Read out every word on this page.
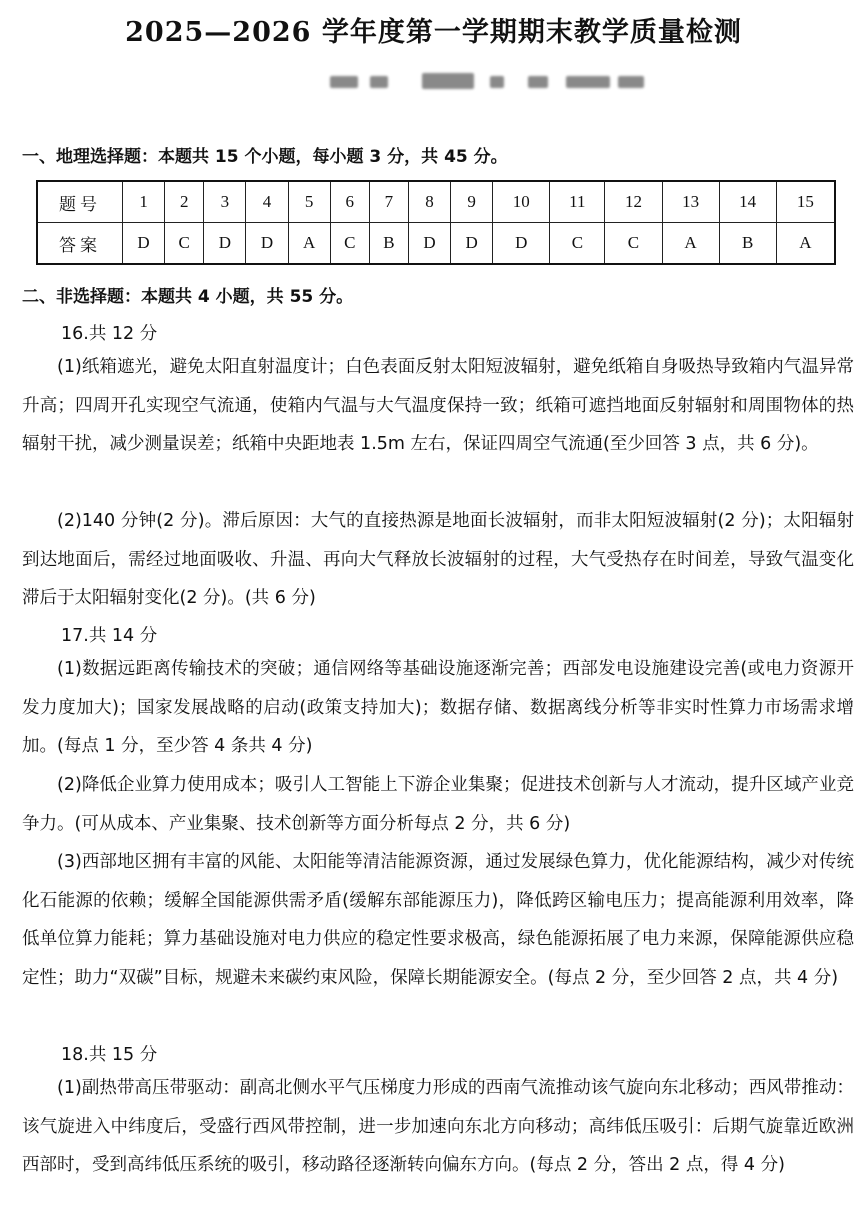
2025—2026 学年度第一学期期末教学质量检测
一、地理选择题：本题共 15 个小题，每小题 3 分，共 45 分。
题号	1	2	3	4	5	6	7	8	9	10	11	12	13	14	15
答案	D	C	D	D	A	C	B	D	D	D	C	C	A	B	A
二、非选择题：本题共 4 小题，共 55 分。
16.共 12 分
(1)纸箱遮光，避免太阳直射温度计；白色表面反射太阳短波辐射，避免纸箱自身吸热导致箱内气温异常升高；四周开孔实现空气流通，使箱内气温与大气温度保持一致；纸箱可遮挡地面反射辐射和周围物体的热辐射干扰，减少测量误差；纸箱中央距地表 1.5m 左右，保证四周空气流通(至少回答 3 点，共 6 分)。
(2)140 分钟(2 分)。滞后原因：大气的直接热源是地面长波辐射，而非太阳短波辐射(2 分)；太阳辐射到达地面后，需经过地面吸收、升温、再向大气释放长波辐射的过程，大气受热存在时间差，导致气温变化滞后于太阳辐射变化(2 分)。(共 6 分)
17.共 14 分
(1)数据远距离传输技术的突破；通信网络等基础设施逐渐完善；西部发电设施建设完善(或电力资源开发力度加大)；国家发展战略的启动(政策支持加大)；数据存储、数据离线分析等非实时性算力市场需求增加。(每点 1 分，至少答 4 条共 4 分)
(2)降低企业算力使用成本；吸引人工智能上下游企业集聚；促进技术创新与人才流动，提升区域产业竞争力。(可从成本、产业集聚、技术创新等方面分析每点 2 分，共 6 分)
(3)西部地区拥有丰富的风能、太阳能等清洁能源资源，通过发展绿色算力，优化能源结构，减少对传统化石能源的依赖；缓解全国能源供需矛盾(缓解东部能源压力)，降低跨区输电压力；提高能源利用效率，降低单位算力能耗；算力基础设施对电力供应的稳定性要求极高，绿色能源拓展了电力来源，保障能源供应稳定性；助力“双碳”目标，规避未来碳约束风险，保障长期能源安全。(每点 2 分，至少回答 2 点，共 4 分)
18.共 15 分
(1)副热带高压带驱动：副高北侧水平气压梯度力形成的西南气流推动该气旋向东北移动；西风带推动：该气旋进入中纬度后，受盛行西风带控制，进一步加速向东北方向移动；高纬低压吸引：后期气旋靠近欧洲西部时，受到高纬低压系统的吸引，移动路径逐渐转向偏东方向。(每点 2 分，答出 2 点，得 4 分)
